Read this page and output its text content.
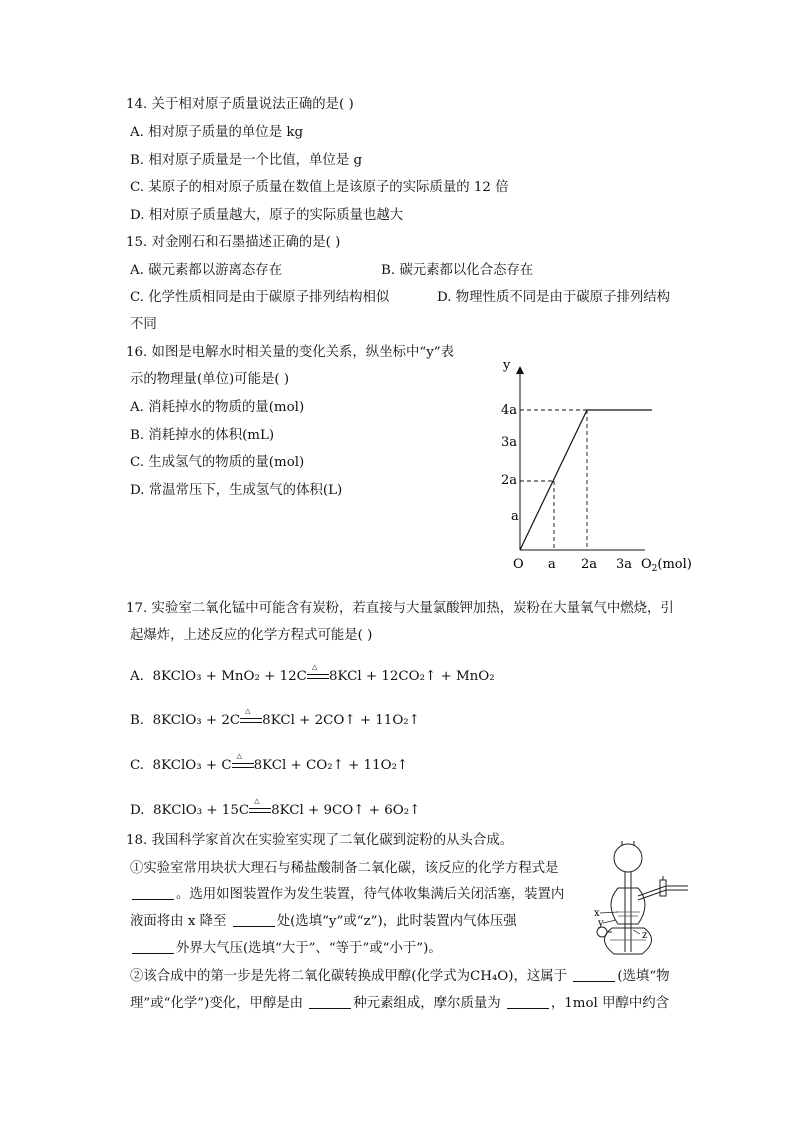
14. 关于相对原子质量说法正确的是( )
A. 相对原子质量的单位是 kg
B. 相对原子质量是一个比值，单位是 g
C. 某原子的相对原子质量在数值上是该原子的实际质量的 12 倍
D. 相对原子质量越大，原子的实际质量也越大
15. 对金刚石和石墨描述正确的是( )
A. 碳元素都以游离态存在	B. 碳元素都以化合态存在
C. 化学性质相同是由于碳原子排列结构相似	D. 物理性质不同是由于碳原子排列结构
不同
16. 如图是电解水时相关量的变化关系，纵坐标中“y”表
示的物理量(单位)可能是( )
A. 消耗掉水的物质的量(mol)
B. 消耗掉水的体积(mL)
C. 生成氢气的物质的量(mol)
D. 常温常压下，生成氢气的体积(L)
y
4a
3a
2a
a
O a 2a 3a $O_2(mol)$
17. 实验室二氧化锰中可能含有炭粉，若直接与大量氯酸钾加热，炭粉在大量氧气中燃烧，引
起爆炸，上述反应的化学方程式可能是( )
A. 8KClO₃ + MnO₂ + 12C
△
8KCl + 12CO₂↑ + MnO₂
B. 8KClO₃ + 2C
△
8KCl + 2CO↑ + 11O₂↑
C. 8KClO₃ + C
△
8KCl + CO₂↑ + 11O₂↑
D. 8KClO₃ + 15C
△
8KCl + 9CO↑ + 6O₂↑
18. 我国科学家首次在实验室实现了二氧化碳到淀粉的从头合成。
①实验室常用块状大理石与稀盐酸制备二氧化碳，该反应的化学方程式是
。选用如图装置作为发生装置，待气体收集满后关闭活塞，装置内
液面将由 x 降至	处(选填“y”或“z”)，此时装置内气体压强
外界大气压(选填“大于”、“等于”或“小于”)。
②该合成中的第一步是先将二氧化碳转换成甲醇(化学式为CH₄O)，这属于	(选填“物
理”或“化学”)变化，甲醇是由	种元素组成，摩尔质量为	，1mol 甲醇中约含
x
y
z
